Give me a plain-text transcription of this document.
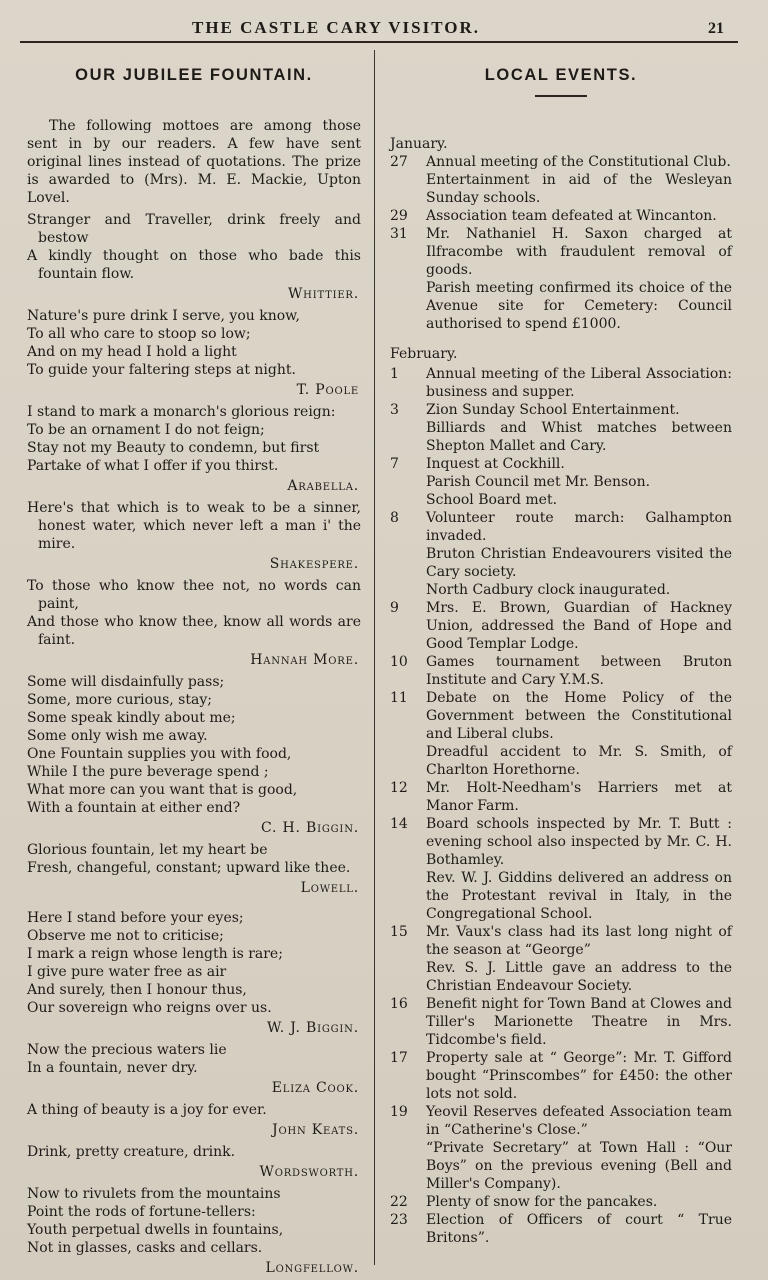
THE CASTLE CARY VISITOR.	21
OUR JUBILEE FOUNTAIN.
The following mottoes are among those sent in by our readers. A few have sent original lines instead of quotations. The prize is awarded to (Mrs). M. E. Mackie, Upton Lovel.
Stranger and Traveller, drink freely and bestow
A kindly thought on those who bade this fountain flow.
Whittier.
Nature's pure drink I serve, you know,
To all who care to stoop so low;
And on my head I hold a light
To guide your faltering steps at night.
T. Poole
I stand to mark a monarch's glorious reign:
To be an ornament I do not feign;
Stay not my Beauty to condemn, but first
Partake of what I offer if you thirst.
Arabella.
Here's that which is to weak to be a sinner, honest water, which never left a man i' the mire.
Shakespere.
To those who know thee not, no words can paint,
And those who know thee, know all words are faint.
Hannah More.
Some will disdainfully pass;
Some, more curious, stay;
Some speak kindly about me;
Some only wish me away.
One Fountain supplies you with food,
While I the pure beverage spend ;
What more can you want that is good,
With a fountain at either end?
C. H. Biggin.
Glorious fountain, let my heart be
Fresh, changeful, constant; upward like thee.
Lowell.
Here I stand before your eyes;
Observe me not to criticise;
I mark a reign whose length is rare;
I give pure water free as air
And surely, then I honour thus,
Our sovereign who reigns over us.
W. J. Biggin.
Now the precious waters lie
In a fountain, never dry.
Eliza Cook.
A thing of beauty is a joy for ever.
John Keats.
Drink, pretty creature, drink.
Wordsworth.
Now to rivulets from the mountains
Point the rods of fortune-tellers:
Youth perpetual dwells in fountains,
Not in glasses, casks and cellars.
Longfellow.
LOCAL EVENTS.
January.
27	Annual meeting of the Constitutional Club.
Entertainment in aid of the Wesleyan Sunday schools.
29	Association team defeated at Wincanton.
31	Mr. Nathaniel H. Saxon charged at Ilfracombe with fraudulent removal of goods.
Parish meeting confirmed its choice of the Avenue site for Cemetery: Council authorised to spend £1000.
February.
1	Annual meeting of the Liberal Association: business and supper.
3	Zion Sunday School Entertainment.
Billiards and Whist matches between Shepton Mallet and Cary.
7	Inquest at Cockhill.
Parish Council met Mr. Benson.
School Board met.
8	Volunteer route march: Galhampton invaded.
Bruton Christian Endeavourers visited the Cary society.
North Cadbury clock inaugurated.
9	Mrs. E. Brown, Guardian of Hackney Union, addressed the Band of Hope and Good Templar Lodge.
10	Games tournament between Bruton Institute and Cary Y.M.S.
11	Debate on the Home Policy of the Government between the Constitutional and Liberal clubs.
Dreadful accident to Mr. S. Smith, of Charlton Horethorne.
12	Mr. Holt-Needham's Harriers met at Manor Farm.
14	Board schools inspected by Mr. T. Butt : evening school also inspected by Mr. C. H. Bothamley.
Rev. W. J. Giddins delivered an address on the Protestant revival in Italy, in the Congregational School.
15	Mr. Vaux's class had its last long night of the season at “George”
Rev. S. J. Little gave an address to the Christian Endeavour Society.
16	Benefit night for Town Band at Clowes and Tiller's Marionette Theatre in Mrs. Tidcombe's field.
17	Property sale at “ George”: Mr. T. Gifford bought “Prinscombes” for £450: the other lots not sold.
19	Yeovil Reserves defeated Association team in “Catherine's Close.”
“Private Secretary” at Town Hall : “Our Boys” on the previous evening (Bell and Miller's Company).
22	Plenty of snow for the pancakes.
23	Election of Officers of court “ True Britons”.
